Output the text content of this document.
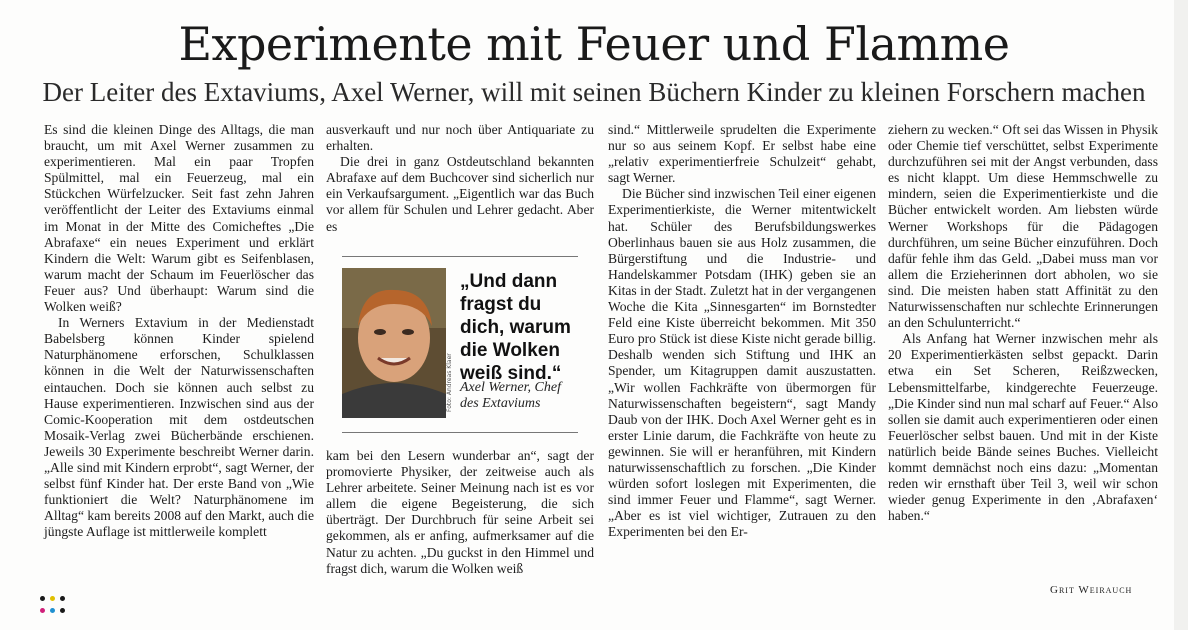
Experimente mit Feuer und Flamme
Der Leiter des Extaviums, Axel Werner, will mit seinen Büchern Kinder zu kleinen Forschern machen

Es sind die kleinen Dinge des Alltags, die man braucht, um mit Axel Werner zusammen zu experimentieren. Mal ein paar Tropfen Spülmittel, mal ein Feuerzeug, mal ein Stückchen Würfelzucker. Seit fast zehn Jahren veröffentlicht der Leiter des Extaviums einmal im Monat in der Mitte des Comicheftes „Die Abrafaxe“ ein neues Experiment und erklärt Kindern die Welt: Warum gibt es Seifenblasen, warum macht der Schaum im Feuerlöscher das Feuer aus? Und überhaupt: Warum sind die Wolken weiß?

In Werners Extavium in der Medienstadt Babelsberg können Kinder spielend Naturphänomene erforschen, Schulklassen können in die Welt der Naturwissenschaften eintauchen. Doch sie können auch selbst zu Hause experimentieren. Inzwischen sind aus der Comic-Kooperation mit dem ostdeutschen Mosaik-Verlag zwei Bücherbände erschienen. Jeweils 30 Experimente beschreibt Werner darin. „Alle sind mit Kindern erprobt“, sagt Werner, der selbst fünf Kinder hat. Der erste Band von „Wie funktioniert die Welt? Naturphänomene im Alltag“ kam bereits 2008 auf den Markt, auch die jüngste Auflage ist mittlerweile komplett

ausverkauft und nur noch über Antiquariate zu erhalten.

Die drei in ganz Ostdeutschland bekannten Abrafaxe auf dem Buchcover sind sicherlich nur ein Verkaufsargument. „Eigentlich war das Buch vor allem für Schulen und Lehrer gedacht. Aber es

Foto: Andreas Klaer
„Und dann fragst du dich, warum die Wolken weiß sind.“
Axel Werner, Chef des Extaviums

kam bei den Lesern wunderbar an“, sagt der promovierte Physiker, der zeitweise auch als Lehrer arbeitete. Seiner Meinung nach ist es vor allem die eigene Begeisterung, die sich überträgt. Der Durchbruch für seine Arbeit sei gekommen, als er anfing, aufmerksamer auf die Natur zu achten. „Du guckst in den Himmel und fragst dich, warum die Wolken weiß

sind.“ Mittlerweile sprudelten die Experimente nur so aus seinem Kopf. Er selbst habe eine „relativ experimentierfreie Schulzeit“ gehabt, sagt Werner.

Die Bücher sind inzwischen Teil einer eigenen Experimentierkiste, die Werner mitentwickelt hat. Schüler des Berufsbildungswerkes Oberlinhaus bauen sie aus Holz zusammen, die Bürgerstiftung und die Industrie- und Handelskammer Potsdam (IHK) geben sie an Kitas in der Stadt. Zuletzt hat in der vergangenen Woche die Kita „Sinnesgarten“ im Bornstedter Feld eine Kiste überreicht bekommen. Mit 350 Euro pro Stück ist diese Kiste nicht gerade billig. Deshalb wenden sich Stiftung und IHK an Spender, um Kitagruppen damit auszustatten. „Wir wollen Fachkräfte von übermorgen für Naturwissenschaften begeistern“, sagt Mandy Daub von der IHK. Doch Axel Werner geht es in erster Linie darum, die Fachkräfte von heute zu gewinnen. Sie will er heranführen, mit Kindern naturwissenschaftlich zu forschen. „Die Kinder würden sofort loslegen mit Experimenten, die sind immer Feuer und Flamme“, sagt Werner. „Aber es ist viel wichtiger, Zutrauen zu den Experimenten bei den Er-

ziehern zu wecken.“ Oft sei das Wissen in Physik oder Chemie tief verschüttet, selbst Experimente durchzuführen sei mit der Angst verbunden, dass es nicht klappt. Um diese Hemmschwelle zu mindern, seien die Experimentierkiste und die Bücher entwickelt worden. Am liebsten würde Werner Workshops für die Pädagogen durchführen, um seine Bücher einzuführen. Doch dafür fehle ihm das Geld. „Dabei muss man vor allem die Erzieherinnen dort abholen, wo sie sind. Die meisten haben statt Affinität zu den Naturwissenschaften nur schlechte Erinnerungen an den Schulunterricht.“

Als Anfang hat Werner inzwischen mehr als 20 Experimentierkästen selbst gepackt. Darin etwa ein Set Scheren, Reißzwecken, Lebensmittelfarbe, kindgerechte Feuerzeuge. „Die Kinder sind nun mal scharf auf Feuer.“ Also sollen sie damit auch experimentieren oder einen Feuerlöscher selbst bauen. Und mit in der Kiste natürlich beide Bände seines Buches. Vielleicht kommt demnächst noch eins dazu: „Momentan reden wir ernsthaft über Teil 3, weil wir schon wieder genug Experimente in den ‚Abrafaxen‘ haben.“

Grit Weirauch
